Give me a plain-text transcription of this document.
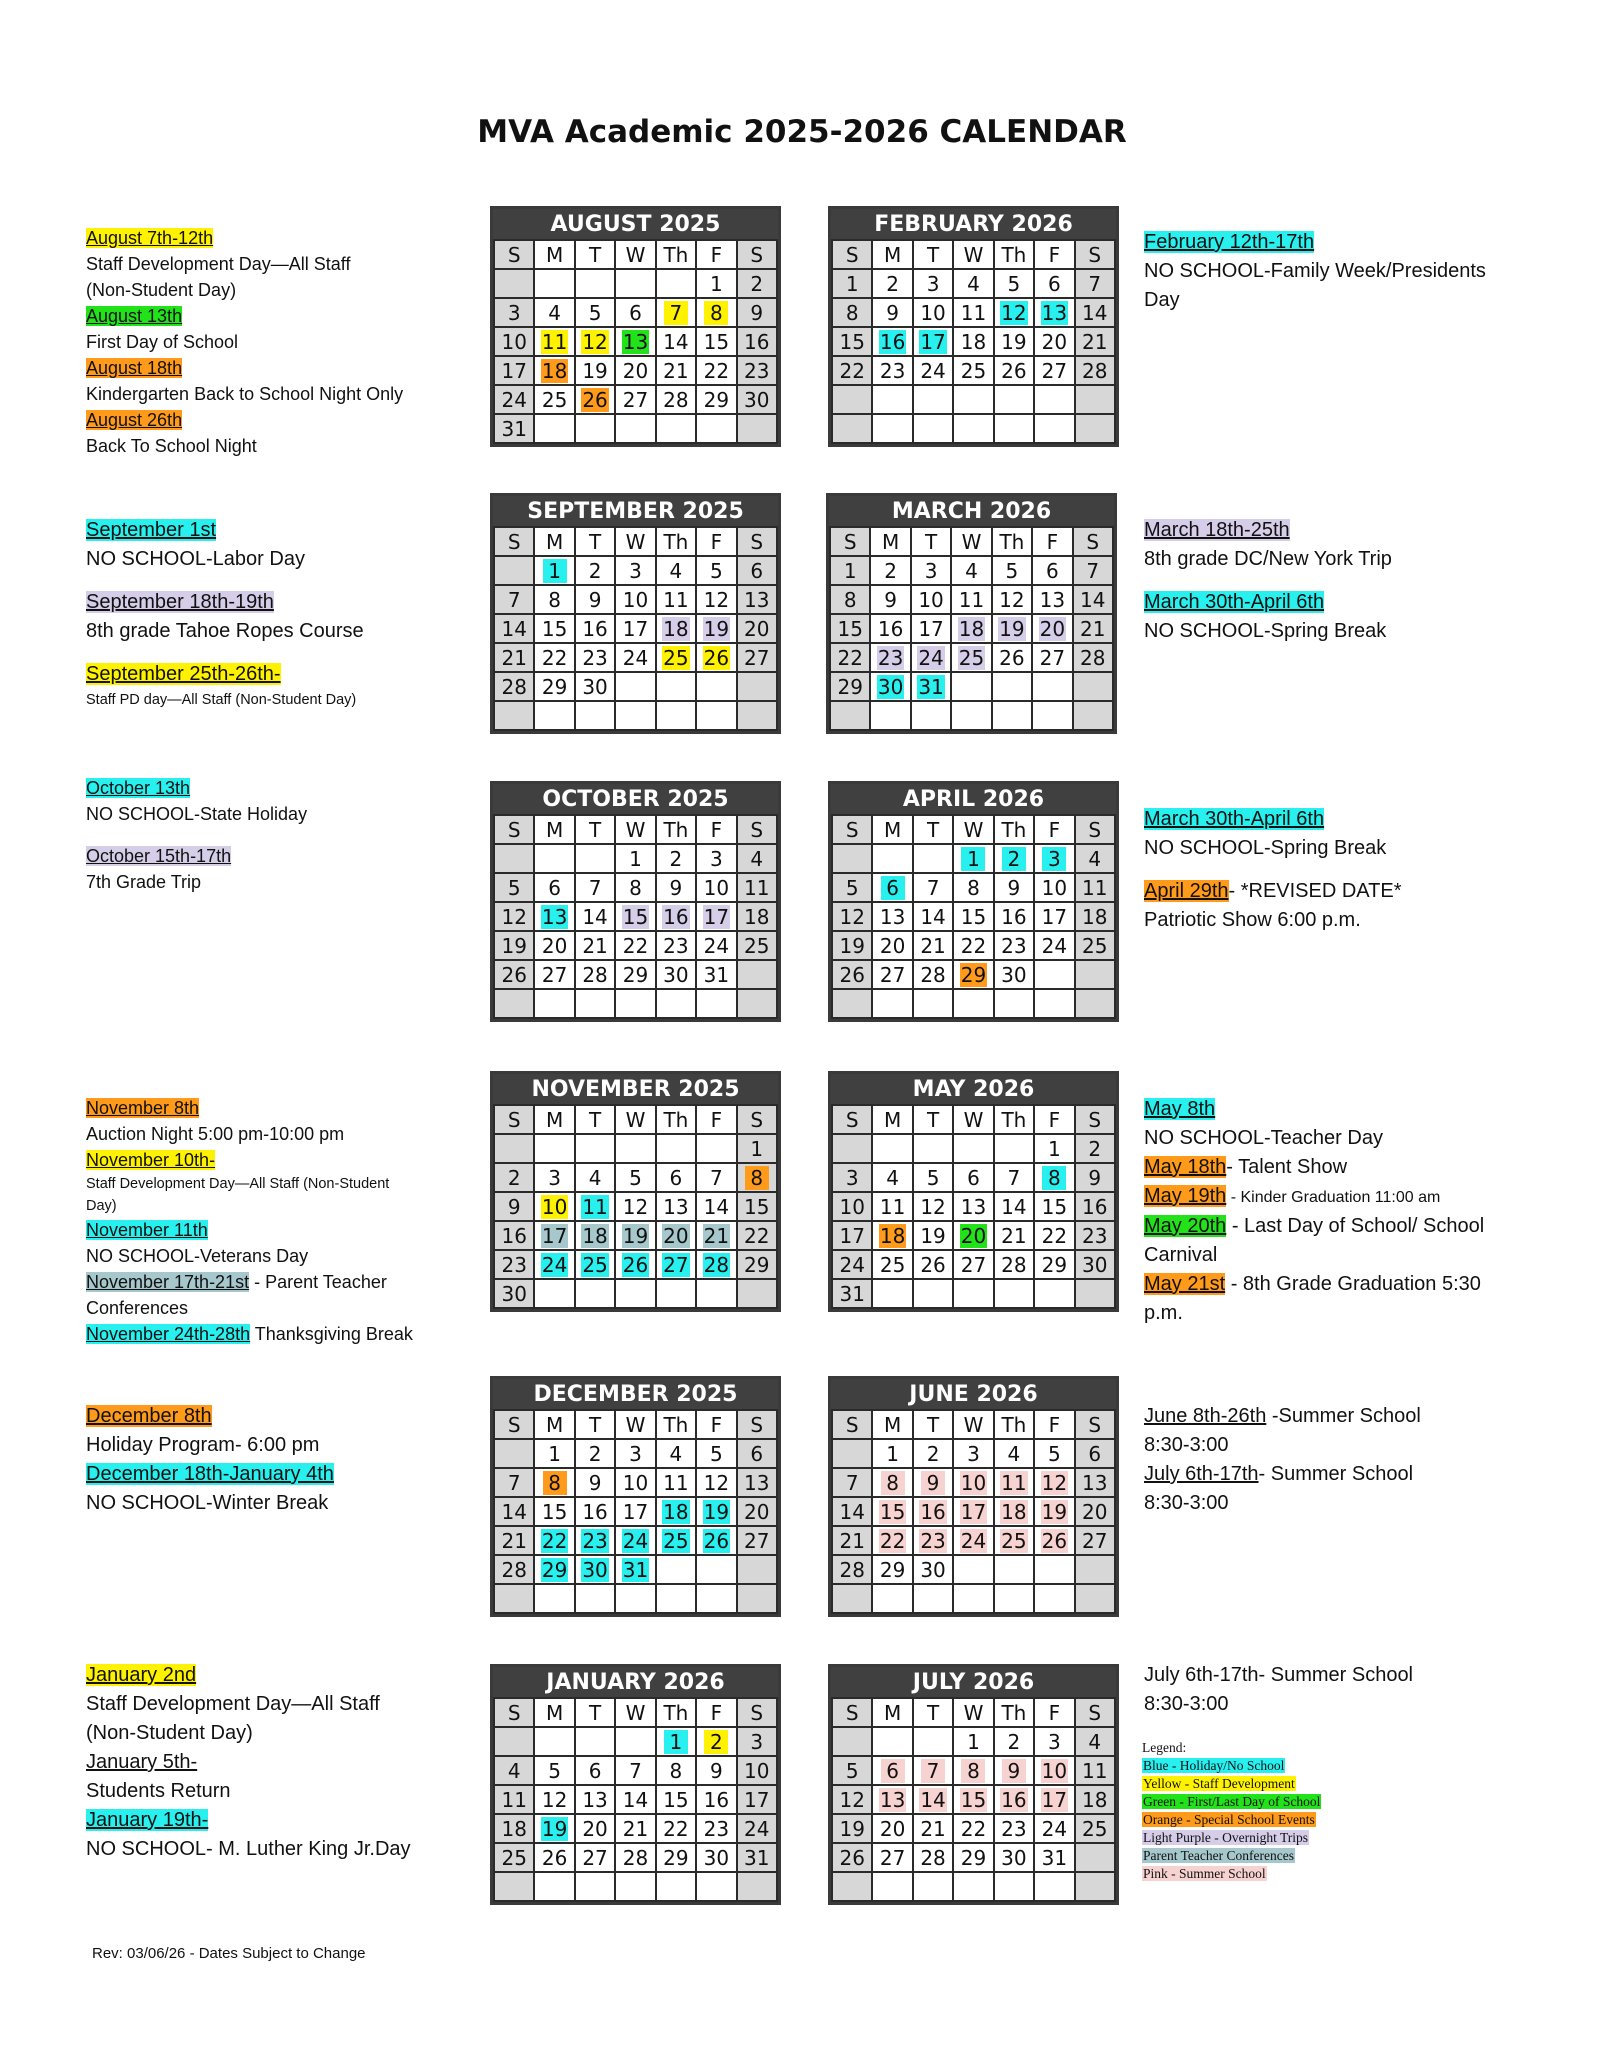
MVA Academic 2025-2026 CALENDAR
AUGUST 2025
S	M	T	W	Th	F	S
					1	2
3	4	5	6	7	8	9
10	11	12	13	14	15	16
17	18	19	20	21	22	23
24	25	26	27	28	29	30
31						
FEBRUARY 2026
S	M	T	W	Th	F	S
1	2	3	4	5	6	7
8	9	10	11	12	13	14
15	16	17	18	19	20	21
22	23	24	25	26	27	28

SEPTEMBER 2025
S	M	T	W	Th	F	S
	1	2	3	4	5	6
7	8	9	10	11	12	13
14	15	16	17	18	19	20
21	22	23	24	25	26	27
28	29	30				

MARCH 2026
S	M	T	W	Th	F	S
1	2	3	4	5	6	7
8	9	10	11	12	13	14
15	16	17	18	19	20	21
22	23	24	25	26	27	28
29	30	31				

OCTOBER 2025
S	M	T	W	Th	F	S
			1	2	3	4
5	6	7	8	9	10	11
12	13	14	15	16	17	18
19	20	21	22	23	24	25
26	27	28	29	30	31	

APRIL 2026
S	M	T	W	Th	F	S
			1	2	3	4
5	6	7	8	9	10	11
12	13	14	15	16	17	18
19	20	21	22	23	24	25
26	27	28	29	30		

NOVEMBER 2025
S	M	T	W	Th	F	S
						1
2	3	4	5	6	7	8
9	10	11	12	13	14	15
16	17	18	19	20	21	22
23	24	25	26	27	28	29
30						
MAY 2026
S	M	T	W	Th	F	S
					1	2
3	4	5	6	7	8	9
10	11	12	13	14	15	16
17	18	19	20	21	22	23
24	25	26	27	28	29	30
31						
DECEMBER 2025
S	M	T	W	Th	F	S
	1	2	3	4	5	6
7	8	9	10	11	12	13
14	15	16	17	18	19	20
21	22	23	24	25	26	27
28	29	30	31			

JUNE 2026
S	M	T	W	Th	F	S
	1	2	3	4	5	6
7	8	9	10	11	12	13
14	15	16	17	18	19	20
21	22	23	24	25	26	27
28	29	30				

JANUARY 2026
S	M	T	W	Th	F	S
				1	2	3
4	5	6	7	8	9	10
11	12	13	14	15	16	17
18	19	20	21	22	23	24
25	26	27	28	29	30	31

JULY 2026
S	M	T	W	Th	F	S
			1	2	3	4
5	6	7	8	9	10	11
12	13	14	15	16	17	18
19	20	21	22	23	24	25
26	27	28	29	30	31	

August 7th-12th
Staff Development Day—All Staff
(Non-Student Day)
August 13th
First Day of School
August 18th
Kindergarten Back to School Night Only
August 26th
Back To School Night
February 12th-17th
NO SCHOOL-Family Week/Presidents
Day
September 1st
NO SCHOOL-Labor Day
September 18th-19th
8th grade Tahoe Ropes Course
September 25th-26th-
Staff PD day—All Staff (Non-Student Day)
March 18th-25th
8th grade DC/New York Trip
March 30th-April 6th
NO SCHOOL-Spring Break
October 13th
NO SCHOOL-State Holiday
October 15th-17th
7th Grade Trip
March 30th-April 6th
NO SCHOOL-Spring Break
April 29th- *REVISED DATE*
Patriotic Show 6:00 p.m.
November 8th
Auction Night 5:00 pm-10:00 pm
November 10th-
Staff Development Day—All Staff (Non-Student
Day)
November 11th
NO SCHOOL-Veterans Day
November 17th-21st - Parent Teacher
Conferences
November 24th-28th Thanksgiving Break
May 8th
NO SCHOOL-Teacher Day
May 18th- Talent Show
May 19th - Kinder Graduation 11:00 am
May 20th - Last Day of School/ School
Carnival
May 21st - 8th Grade Graduation 5:30
p.m.
December 8th
Holiday Program- 6:00 pm
December 18th-January 4th
NO SCHOOL-Winter Break
June 8th-26th -Summer School
8:30-3:00
July 6th-17th- Summer School
8:30-3:00
January 2nd
Staff Development Day—All Staff
(Non-Student Day)
January 5th-
Students Return
January 19th-
NO SCHOOL- M. Luther King Jr.Day
July 6th-17th- Summer School
8:30-3:00
Legend:
Blue - Holiday/No School
Yellow - Staff Development
Green - First/Last Day of School
Orange - Special School Events
Light Purple - Overnight Trips
Parent Teacher Conferences
Pink - Summer School
Rev: 03/06/26 - Dates Subject to Change
